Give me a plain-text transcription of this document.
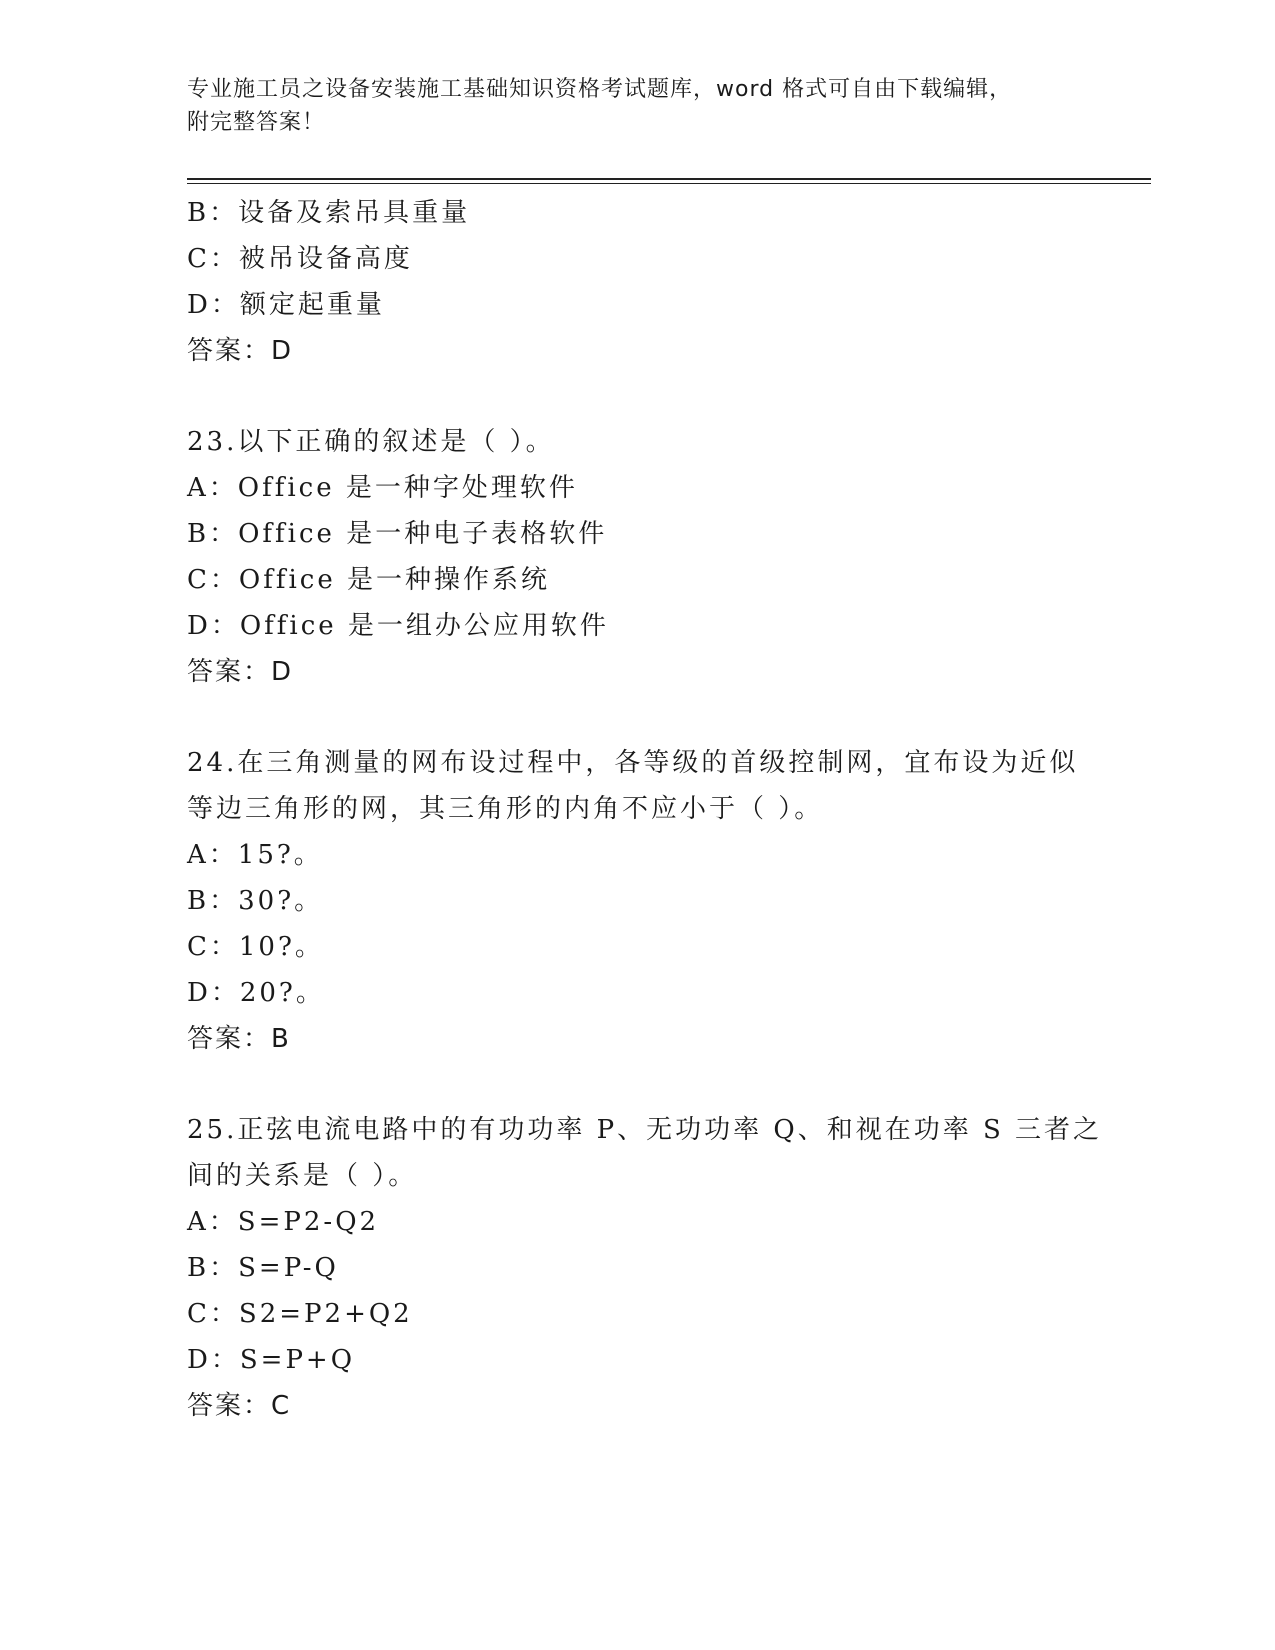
专业施工员之设备安装施工基础知识资格考试题库，word 格式可自由下载编辑，
附完整答案！
B：设备及索吊具重量
C：被吊设备高度
D：额定起重量
答案：D
23.以下正确的叙述是（ ）。
A：Office 是一种字处理软件
B：Office 是一种电子表格软件
C：Office 是一种操作系统
D：Office 是一组办公应用软件
答案：D
24.在三角测量的网布设过程中，各等级的首级控制网，宜布设为近似
等边三角形的网，其三角形的内角不应小于（ ）。
A：15?。
B：30?。
C：10?。
D：20?。
答案：B
25.正弦电流电路中的有功功率 P、无功功率 Q、和视在功率 S 三者之
间的关系是（ ）。
A：S=P2-Q2
B：S=P-Q
C：S2=P2+Q2
D：S=P+Q
答案：C
